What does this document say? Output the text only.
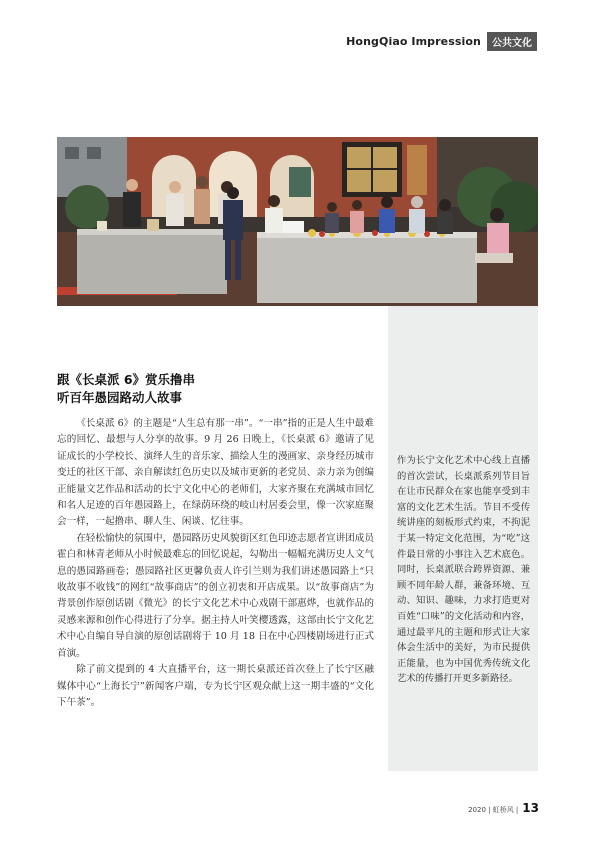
HongQiao Impression	公共文化
跟《长桌派 6》赏乐撸串
听百年愚园路动人故事

《长桌派 6》的主题是“人生总有那一串”。“一串”指的正是人生中最难忘的回忆、最想与人分享的故事。9 月 26 日晚上，《长桌派 6》邀请了见证成长的小学校长、演绎人生的音乐家、描绘人生的漫画家、亲身经历城市变迁的社区干部、亲自解读红色历史以及城市更新的老党员、亲力亲为创编正能量文艺作品和活动的长宁文化中心的老师们，大家齐聚在充满城市回忆和名人足迹的百年愚园路上，在绿荫环绕的岐山村居委会里，像一次家庭聚会一样，一起撸串、聊人生、闲谈、忆往事。

在轻松愉快的氛围中，愚园路历史风貌街区红色印迹志愿者宣讲团成员霍白和林青老师从小时候最难忘的回忆说起，勾勒出一幅幅充满历史人文气息的愚园路画卷；愚园路社区更馨负责人许引兰则为我们讲述愚园路上“只收故事不收钱”的网红“故事商店”的创立初衷和开店成果。以“故事商店”为背景创作原创话剧《微光》的长宁文化艺术中心戏剧干部惠烨，也就作品的灵感来源和创作心得进行了分享。据主持人叶笑樱透露，这部由长宁文化艺术中心自编自导自演的原创话剧将于 10 月 18 日在中心四楼剧场进行正式首演。

除了前文提到的 4 大直播平台，这一期长桌派还首次登上了长宁区融媒体中心“上海长宁”新闻客户端，专为长宁区观众献上这一期丰盛的“文化下午茶”。

作为长宁文化艺术中心线上直播的首次尝试，长桌派系列节目旨在让市民群众在家也能享受到丰富的文化艺术生活。节目不受传统讲座的刻板形式约束，不拘泥于某一特定文化范围，为“吃”这件最日常的小事注入艺术底色。同时，长桌派联合跨界资源、兼顾不同年龄人群，兼备环境、互动、知识、趣味，力求打造更对百姓“口味”的文化活动和内容，通过最平凡的主题和形式让大家体会生活中的美好，为市民提供正能量，也为中国优秀传统文化艺术的传播打开更多新路径。

2020 | 虹桥风 | 13
